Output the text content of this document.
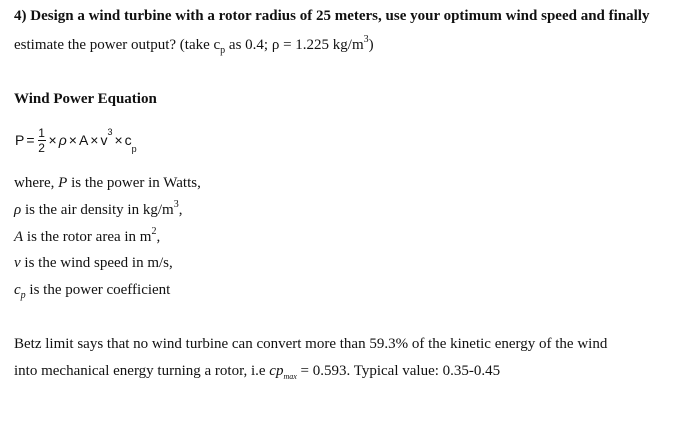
4) Design a wind turbine with a rotor radius of 25 meters, use your optimum wind speed and finally
estimate the power output? (take $c_p$ as 0.4; ρ = 1.225 $kg/m^3$)
Wind Power Equation
$P = \frac{1}{2} \times \rho \times A \times v^3 \times c_p$
where, P is the power in Watts,
ρ is the air density in $kg/m^3$,
A is the rotor area in $m^2$,
v is the wind speed in m/s,
$c_p$ is the power coefficient
Betz limit says that no wind turbine can convert more than 59.3% of the kinetic energy of the wind
into mechanical energy turning a rotor, i.e $cp_{max} = 0.593$. Typical value: 0.35-0.45
